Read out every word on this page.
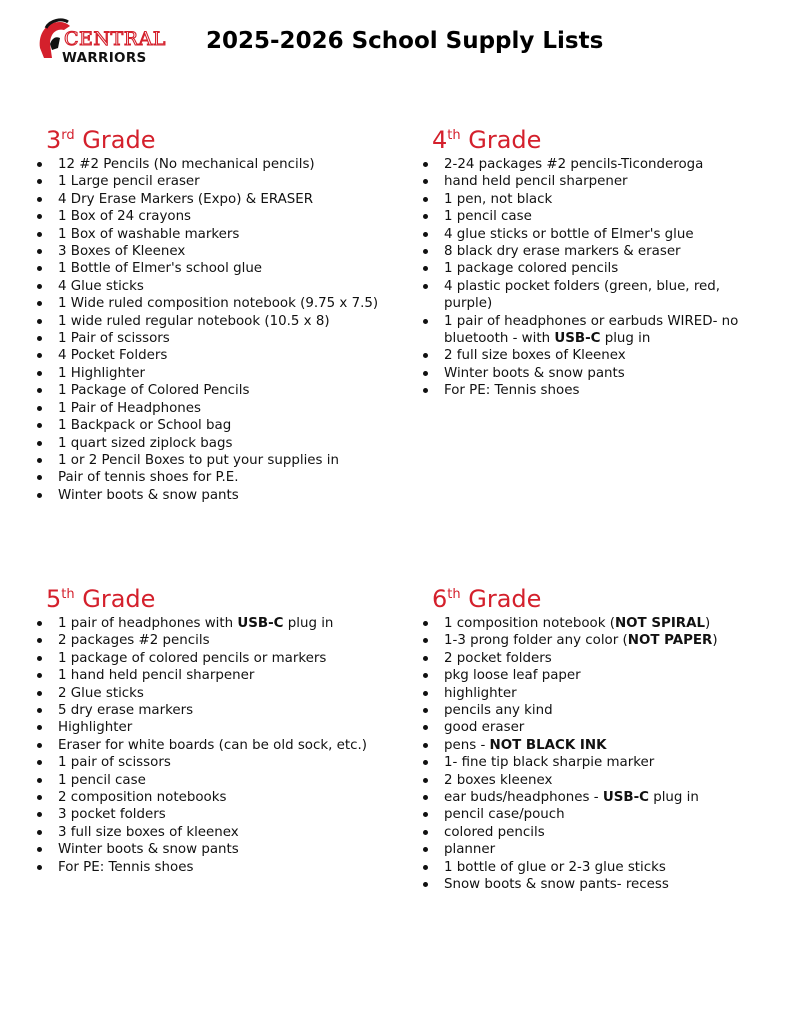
CENTRAL
WARRIORS
2025-2026 School Supply Lists
3rd Grade
12 #2 Pencils (No mechanical pencils)
1 Large pencil eraser
4 Dry Erase Markers (Expo) & ERASER
1 Box of 24 crayons
1 Box of washable markers
3 Boxes of Kleenex
1 Bottle of Elmer's school glue
4 Glue sticks
1 Wide ruled composition notebook (9.75 x 7.5)
1 wide ruled regular notebook (10.5 x 8)
1 Pair of scissors
4 Pocket Folders
1 Highlighter
1 Package of Colored Pencils
1 Pair of Headphones
1 Backpack or School bag
1 quart sized ziplock bags
1 or 2 Pencil Boxes to put your supplies in
Pair of tennis shoes for P.E.
Winter boots & snow pants
4th Grade
2-24 packages #2 pencils-Ticonderoga
hand held pencil sharpener
1 pen, not black
1 pencil case
4 glue sticks or bottle of Elmer's glue
8 black dry erase markers & eraser
1 package colored pencils
4 plastic pocket folders (green, blue, red, purple)
1 pair of headphones or earbuds WIRED- no bluetooth - with USB-C plug in
2 full size boxes of Kleenex
Winter boots & snow pants
For PE: Tennis shoes
5th Grade
1 pair of headphones with USB-C plug in
2 packages #2 pencils
1 package of colored pencils or markers
1 hand held pencil sharpener
2 Glue sticks
5 dry erase markers
Highlighter
Eraser for white boards (can be old sock, etc.)
1 pair of scissors
1 pencil case
2 composition notebooks
3 pocket folders
3 full size boxes of kleenex
Winter boots & snow pants
For PE: Tennis shoes
6th Grade
1 composition notebook (NOT SPIRAL)
1-3 prong folder any color (NOT PAPER)
2 pocket folders
pkg loose leaf paper
highlighter
pencils any kind
good eraser
pens - NOT BLACK INK
1- fine tip black sharpie marker
2 boxes kleenex
ear buds/headphones - USB-C plug in
pencil case/pouch
colored pencils
planner
1 bottle of glue or 2-3 glue sticks
Snow boots & snow pants- recess
